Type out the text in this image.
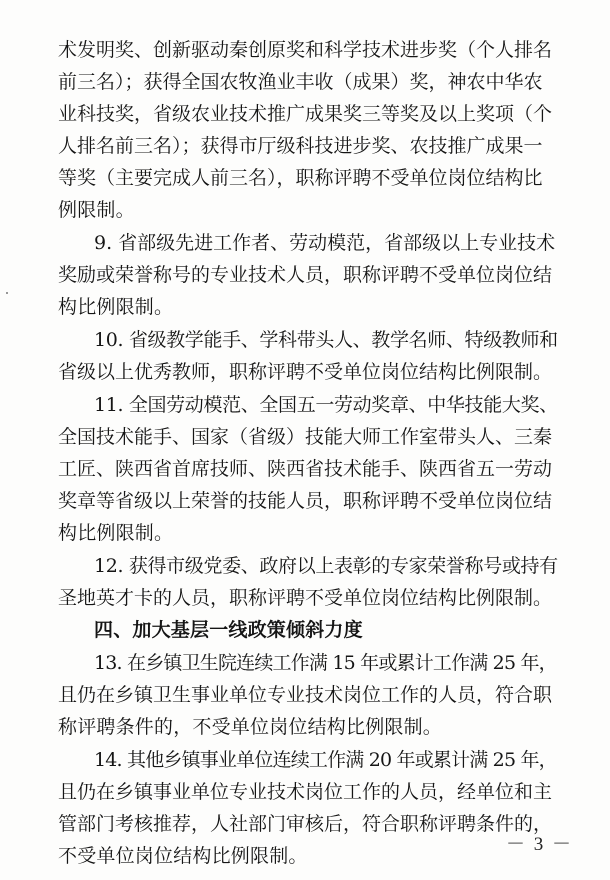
术发明奖、创新驱动秦创原奖和科学技术进步奖（个人排名
前三名）；获得全国农牧渔业丰收（成果）奖，神农中华农
业科技奖，省级农业技术推广成果奖三等奖及以上奖项（个
人排名前三名）；获得市厅级科技进步奖、农技推广成果一
等奖（主要完成人前三名），职称评聘不受单位岗位结构比
例限制。
9. 省部级先进工作者、劳动模范，省部级以上专业技术
奖励或荣誉称号的专业技术人员，职称评聘不受单位岗位结
构比例限制。
10. 省级教学能手、学科带头人、教学名师、特级教师和
省级以上优秀教师，职称评聘不受单位岗位结构比例限制。
11. 全国劳动模范、全国五一劳动奖章、中华技能大奖、
全国技术能手、国家（省级）技能大师工作室带头人、三秦
工匠、陕西省首席技师、陕西省技术能手、陕西省五一劳动
奖章等省级以上荣誉的技能人员，职称评聘不受单位岗位结
构比例限制。
12. 获得市级党委、政府以上表彰的专家荣誉称号或持有
圣地英才卡的人员，职称评聘不受单位岗位结构比例限制。
四、加大基层一线政策倾斜力度
13. 在乡镇卫生院连续工作满 15 年或累计工作满 25 年，
且仍在乡镇卫生事业单位专业技术岗位工作的人员，符合职
称评聘条件的，不受单位岗位结构比例限制。
14. 其他乡镇事业单位连续工作满 20 年或累计满 25 年，
且仍在乡镇事业单位专业技术岗位工作的人员，经单位和主
管部门考核推荐，人社部门审核后，符合职称评聘条件的，
不受单位岗位结构比例限制。
－ 3 －
